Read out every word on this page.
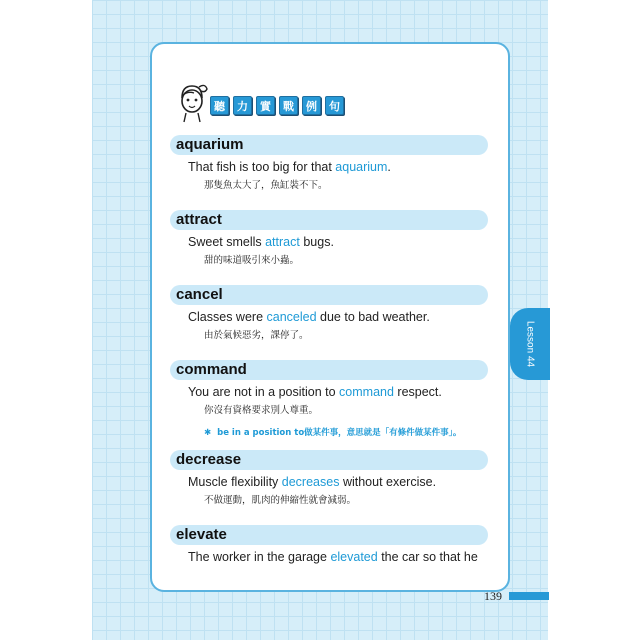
聽	力	實	戰	例	句
aquarium
That fish is too big for that aquarium.
那隻魚太大了，魚缸裝不下。
attract
Sweet smells attract bugs.
甜的味道吸引來小蟲。
cancel
Classes were canceled due to bad weather.
由於氣候惡劣，課停了。
command
You are not in a position to command respect.
你沒有資格要求別人尊重。
✱ be in a position to做某件事，意思就是「有條件做某件事」。
decrease
Muscle flexibility decreases without exercise.
不做運動，肌肉的伸縮性就會減弱。
elevate
The worker in the garage elevated the car so that he
Lesson 44
139
